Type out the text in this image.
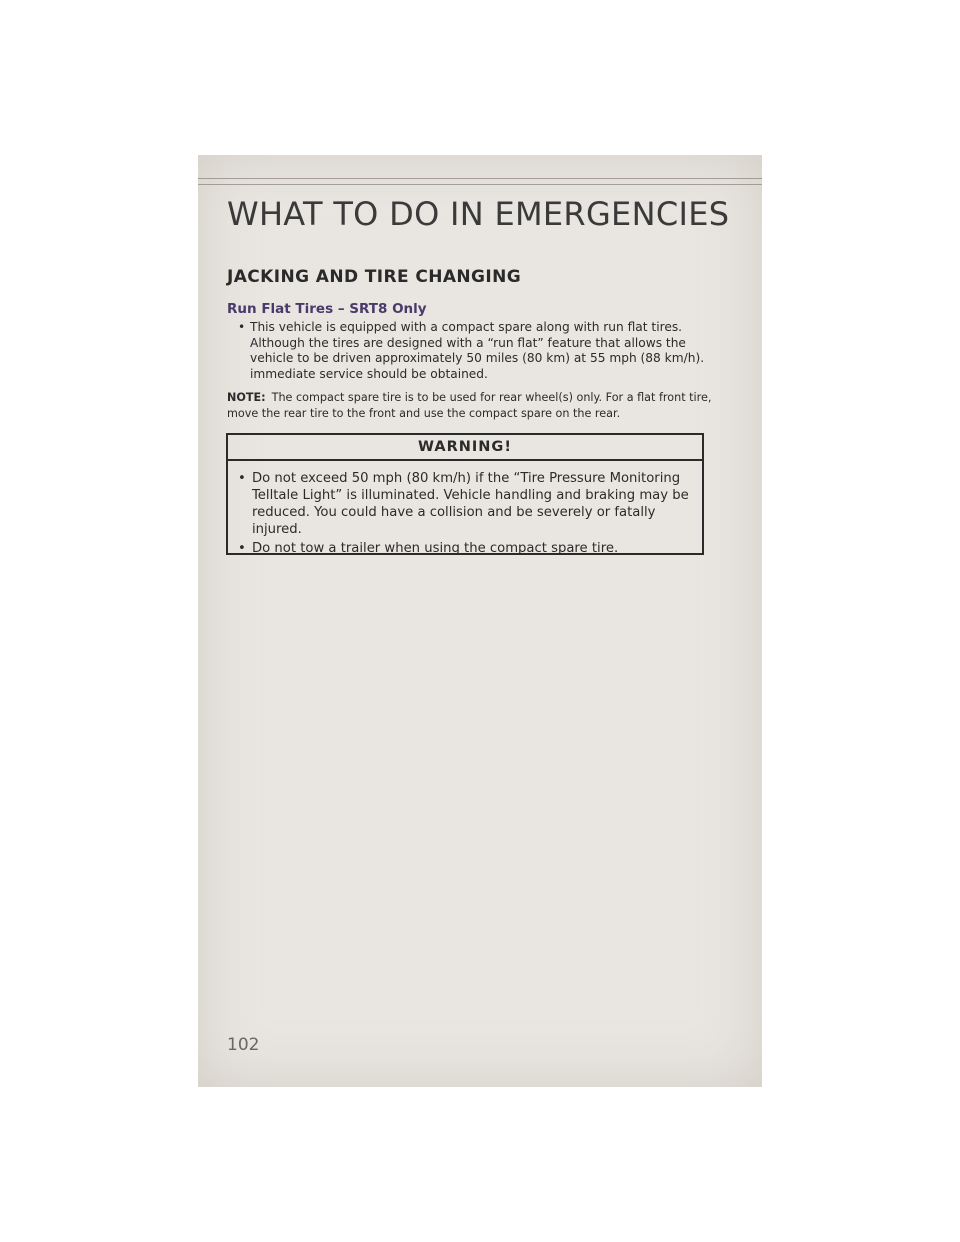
WHAT TO DO IN EMERGENCIES
JACKING AND TIRE CHANGING
Run Flat Tires – SRT8 Only
• This vehicle is equipped with a compact spare along with run flat tires. Although the tires are designed with a “run flat” feature that allows the vehicle to be driven approximately 50 miles (80 km) at 55 mph (88 km/h). immediate service should be obtained.
NOTE: The compact spare tire is to be used for rear wheel(s) only. For a flat front tire, move the rear tire to the front and use the compact spare on the rear.
WARNING!
• Do not exceed 50 mph (80 km/h) if the “Tire Pressure Monitoring Telltale Light” is illuminated. Vehicle handling and braking may be reduced. You could have a collision and be severely or fatally injured.
• Do not tow a trailer when using the compact spare tire.
102
